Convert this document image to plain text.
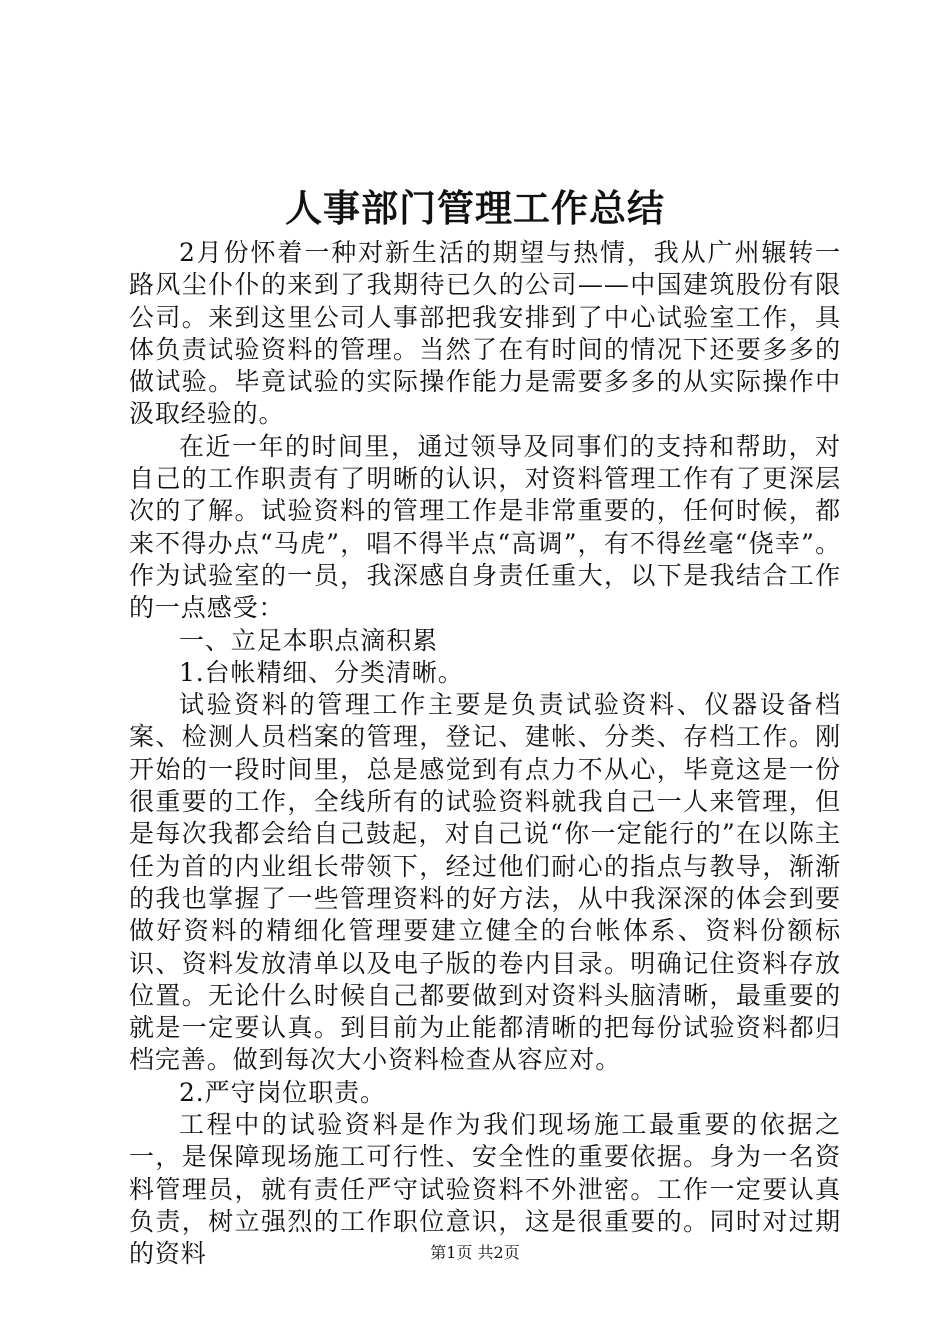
人事部门管理工作总结

2月份怀着一种对新生活的期望与热情，我从广州辗转一路风尘仆仆的来到了我期待已久的公司——中国建筑股份有限公司。来到这里公司人事部把我安排到了中心试验室工作，具体负责试验资料的管理。当然了在有时间的情况下还要多多的做试验。毕竟试验的实际操作能力是需要多多的从实际操作中汲取经验的。

在近一年的时间里，通过领导及同事们的支持和帮助，对自己的工作职责有了明晰的认识，对资料管理工作有了更深层次的了解。试验资料的管理工作是非常重要的，任何时候，都来不得办点“马虎”，唱不得半点“高调”，有不得丝毫“侥幸”。作为试验室的一员，我深感自身责任重大，以下是我结合工作的一点感受：

一、立足本职点滴积累

1.台帐精细、分类清晰。

试验资料的管理工作主要是负责试验资料、仪器设备档案、检测人员档案的管理，登记、建帐、分类、存档工作。刚开始的一段时间里，总是感觉到有点力不从心，毕竟这是一份很重要的工作，全线所有的试验资料就我自己一人来管理，但是每次我都会给自己鼓起，对自己说“你一定能行的”在以陈主任为首的内业组长带领下，经过他们耐心的指点与教导，渐渐的我也掌握了一些管理资料的好方法，从中我深深的体会到要做好资料的精细化管理要建立健全的台帐体系、资料份额标识、资料发放清单以及电子版的卷内目录。明确记住资料存放位置。无论什么时候自己都要做到对资料头脑清晰，最重要的就是一定要认真。到目前为止能都清晰的把每份试验资料都归档完善。做到每次大小资料检查从容应对。

2.严守岗位职责。

工程中的试验资料是作为我们现场施工最重要的依据之一，是保障现场施工可行性、安全性的重要依据。身为一名资料管理员，就有责任严守试验资料不外泄密。工作一定要认真负责，树立强烈的工作职位意识，这是很重要的。同时对过期的资料	第1页 共2页
